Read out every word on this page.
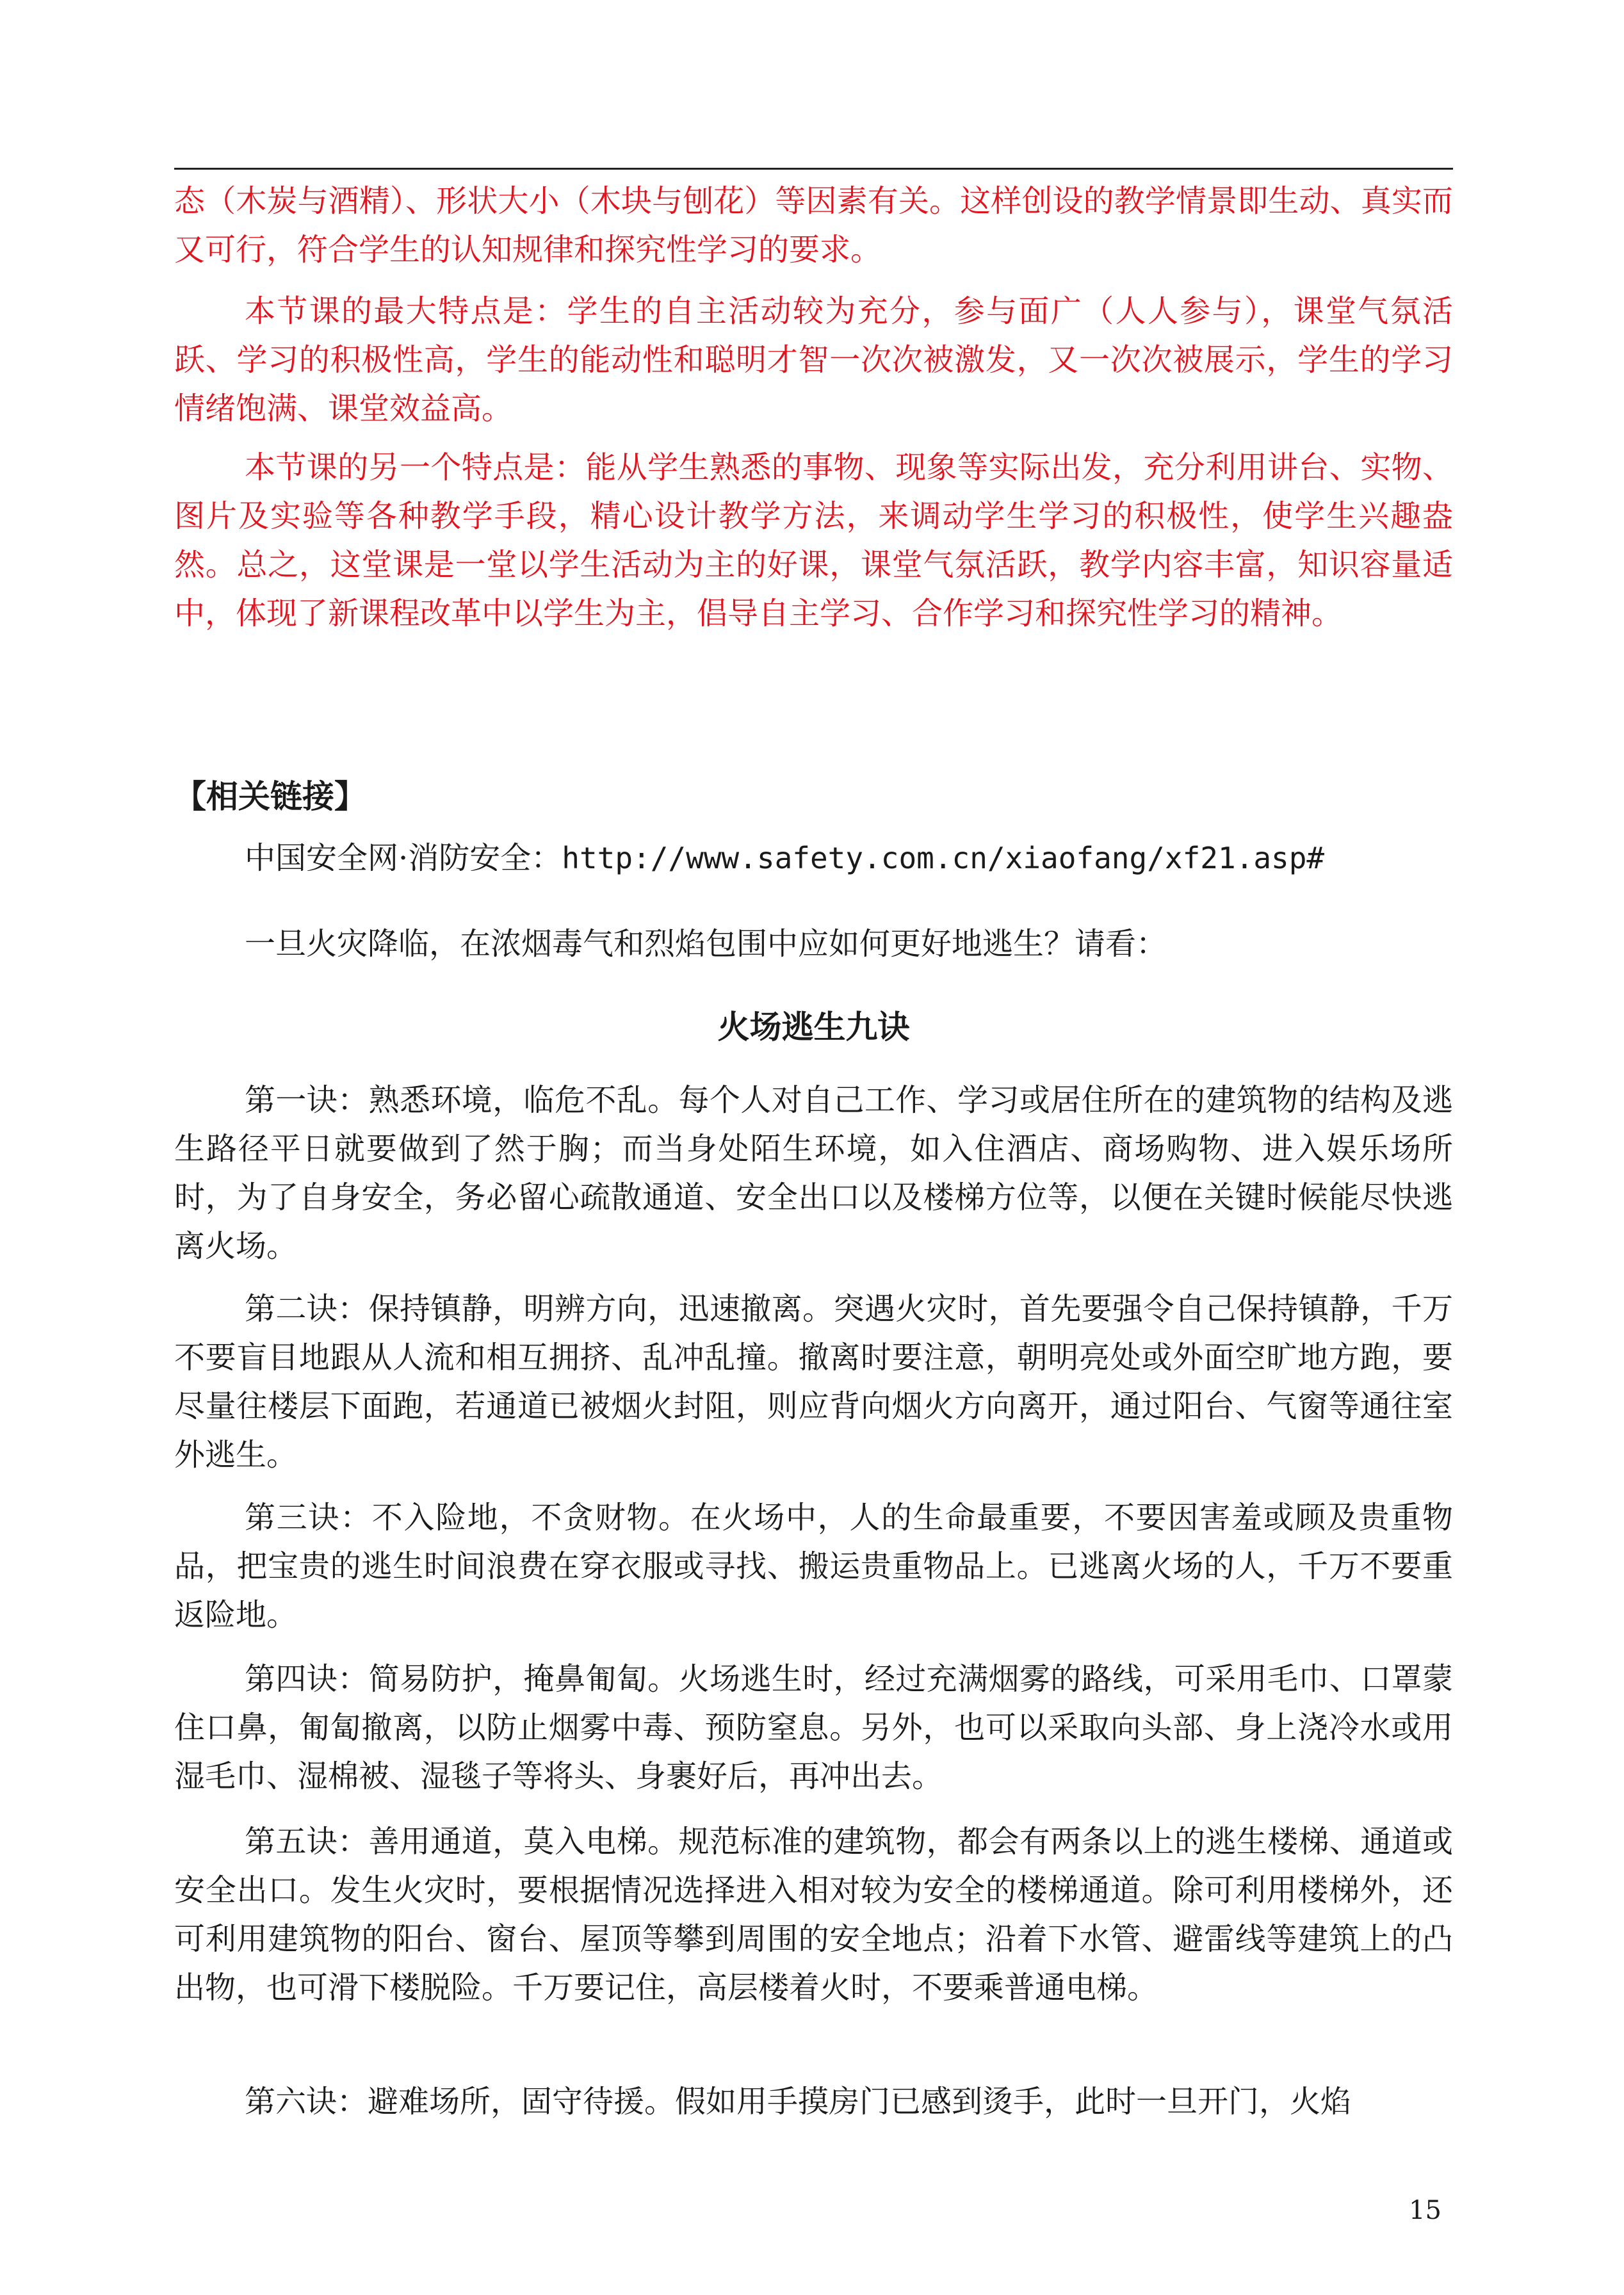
态（木炭与酒精）、形状大小（木块与刨花）等因素有关。这样创设的教学情景即生动、真实而又可行，符合学生的认知规律和探究性学习的要求。

本节课的最大特点是：学生的自主活动较为充分，参与面广（人人参与），课堂气氛活跃、学习的积极性高，学生的能动性和聪明才智一次次被激发，又一次次被展示，学生的学习情绪饱满、课堂效益高。

本节课的另一个特点是：能从学生熟悉的事物、现象等实际出发，充分利用讲台、实物、图片及实验等各种教学手段，精心设计教学方法，来调动学生学习的积极性，使学生兴趣盎然。总之，这堂课是一堂以学生活动为主的好课，课堂气氛活跃，教学内容丰富，知识容量适中，体现了新课程改革中以学生为主，倡导自主学习、合作学习和探究性学习的精神。

【相关链接】

中国安全网·消防安全：http://www.safety.com.cn/xiaofang/xf21.asp#

一旦火灾降临，在浓烟毒气和烈焰包围中应如何更好地逃生？请看：

火场逃生九诀

第一诀：熟悉环境，临危不乱。每个人对自己工作、学习或居住所在的建筑物的结构及逃生路径平日就要做到了然于胸；而当身处陌生环境，如入住酒店、商场购物、进入娱乐场所时，为了自身安全，务必留心疏散通道、安全出口以及楼梯方位等，以便在关键时候能尽快逃离火场。

第二诀：保持镇静，明辨方向，迅速撤离。突遇火灾时，首先要强令自己保持镇静，千万不要盲目地跟从人流和相互拥挤、乱冲乱撞。撤离时要注意，朝明亮处或外面空旷地方跑，要尽量往楼层下面跑，若通道已被烟火封阻，则应背向烟火方向离开，通过阳台、气窗等通往室外逃生。

第三诀：不入险地，不贪财物。在火场中，人的生命最重要，不要因害羞或顾及贵重物品，把宝贵的逃生时间浪费在穿衣服或寻找、搬运贵重物品上。已逃离火场的人，千万不要重返险地。

第四诀：简易防护，掩鼻匍匐。火场逃生时，经过充满烟雾的路线，可采用毛巾、口罩蒙住口鼻，匍匐撤离，以防止烟雾中毒、预防窒息。另外，也可以采取向头部、身上浇冷水或用湿毛巾、湿棉被、湿毯子等将头、身裹好后，再冲出去。

第五诀：善用通道，莫入电梯。规范标准的建筑物，都会有两条以上的逃生楼梯、通道或安全出口。发生火灾时，要根据情况选择进入相对较为安全的楼梯通道。除可利用楼梯外，还可利用建筑物的阳台、窗台、屋顶等攀到周围的安全地点；沿着下水管、避雷线等建筑上的凸出物，也可滑下楼脱险。千万要记住，高层楼着火时，不要乘普通电梯。

第六诀：避难场所，固守待援。假如用手摸房门已感到烫手，此时一旦开门，火焰

15
